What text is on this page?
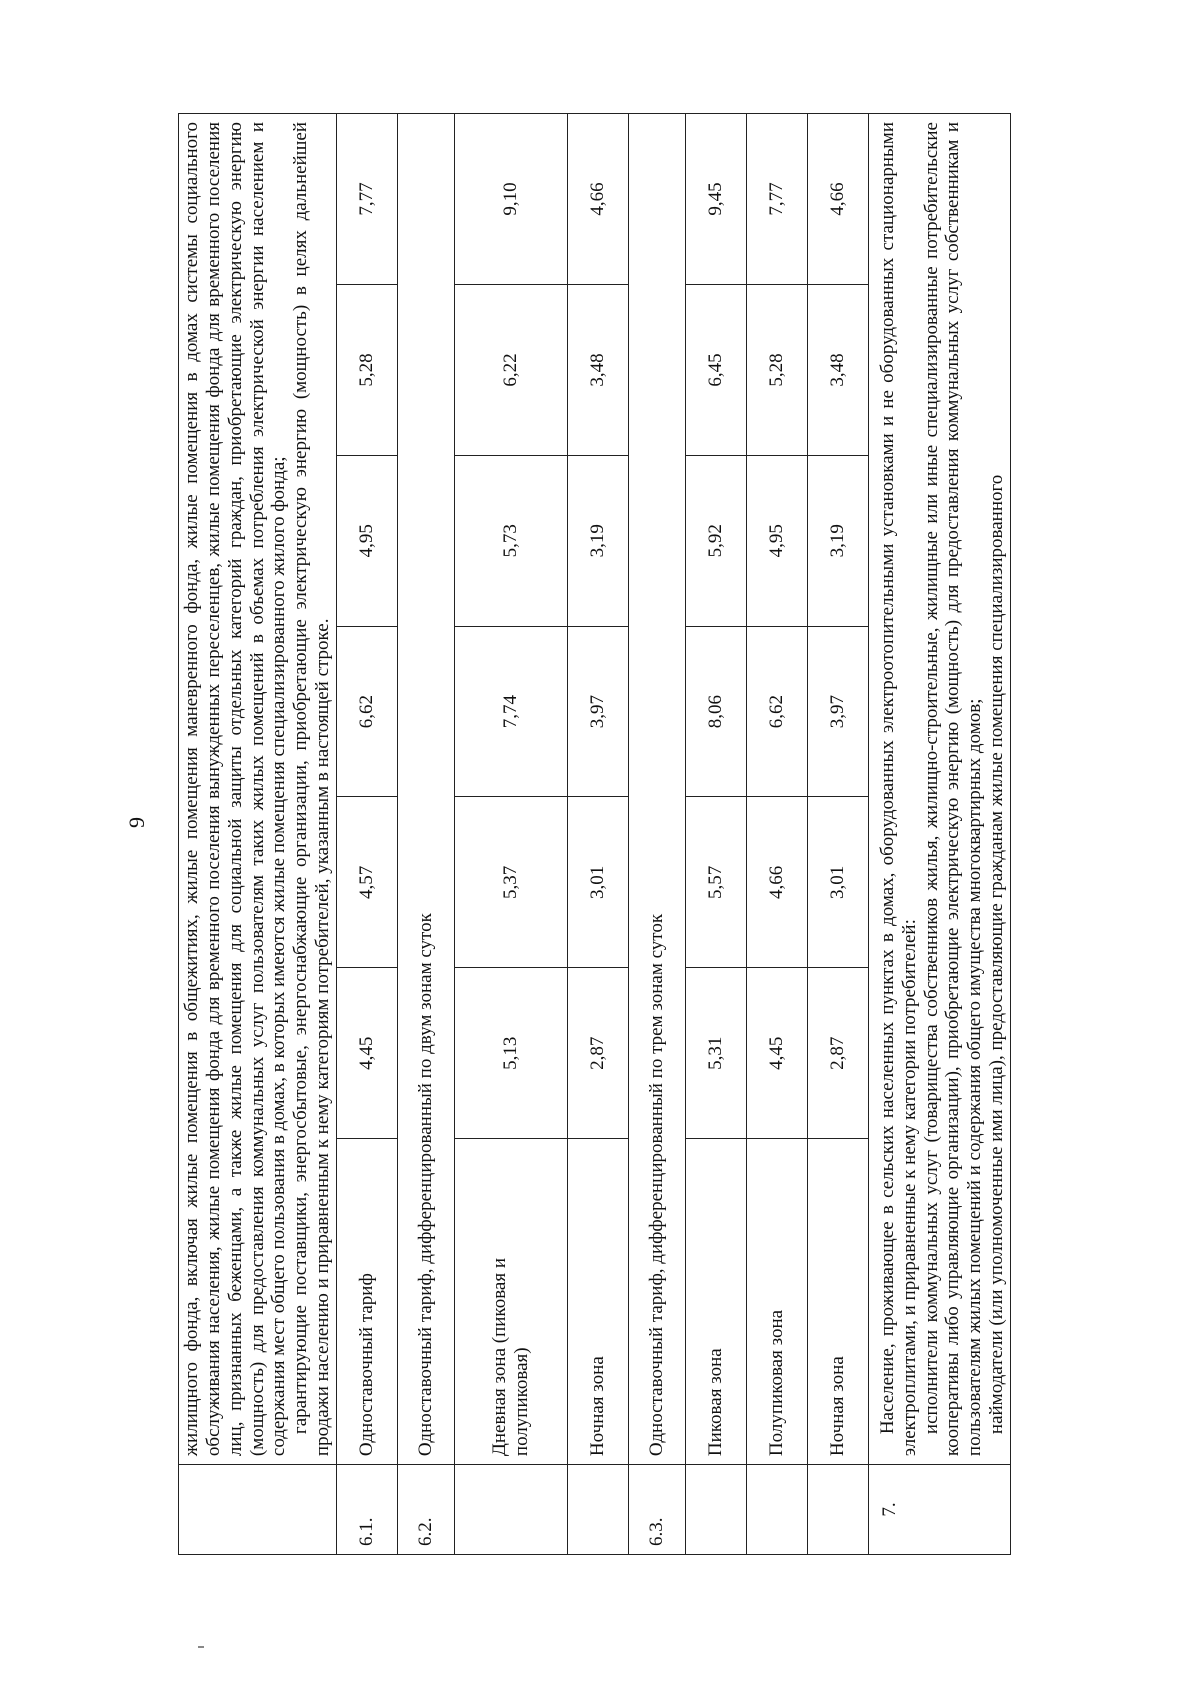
9

	жилищного фонда, включая жилые помещения в общежитиях, жилые помещения маневренного фонда, жилые помещения в домах системы социального обслуживания населения, жилые помещения фонда для временного поселения вынужденных переселенцев, жилые помещения фонда для временного поселения лиц, признанных беженцами, а также жилые помещения для социальной защиты отдельных категорий граждан, приобретающие электрическую энергию (мощность) для предоставления коммунальных услуг пользователям таких жилых помещений в объемах потребления электрической энергии населением и содержания мест общего пользования в домах, в которых имеются жилые помещения специализированного жилого фонда; гарантирующие поставщики, энергосбытовые, энергоснабжающие организации, приобретающие электрическую энергию (мощность) в целях дальнейшей продажи населению и приравненным к нему категориям потребителей, указанным в настоящей строке.						

6.1.	Одноставочный тариф	4,45	4,57	6,62	4,95	5,28	7,77
6.2.	Одноставочный тариф, дифференцированный по двум зонам суток						
	Дневная зона (пиковая и полупиковая)	5,13	5,37	7,74	5,73	6,22	9,10
	Ночная зона	2,87	3,01	3,97	3,19	3,48	4,66
6.3.	Одноставочный тариф, дифференцированный по трем зонам суток						
	Пиковая зона	5,31	5,57	8,06	5,92	6,45	9,45
	Полупиковая зона	4,45	4,66	6,62	4,95	5,28	7,77
	Ночная зона	2,87	3,01	3,97	3,19	3,48	4,66
7.	Население, проживающее в сельских населенных пунктах в домах, оборудованных электроотопительными установками и не оборудованных стационарными электроплитами, и приравненные к нему категории потребителей: исполнители коммунальных услуг (товарищества собственников жилья, жилищно-строительные, жилищные или иные специализированные потребительские кооперативы либо управляющие организации), приобретающие электрическую энергию (мощность) для предоставления коммунальных услуг собственникам и пользователям жилых помещений и содержания общего имущества многоквартирных домов; наймодатели (или уполномоченные ими лица), предоставляющие гражданам жилые помещения специализированного						
